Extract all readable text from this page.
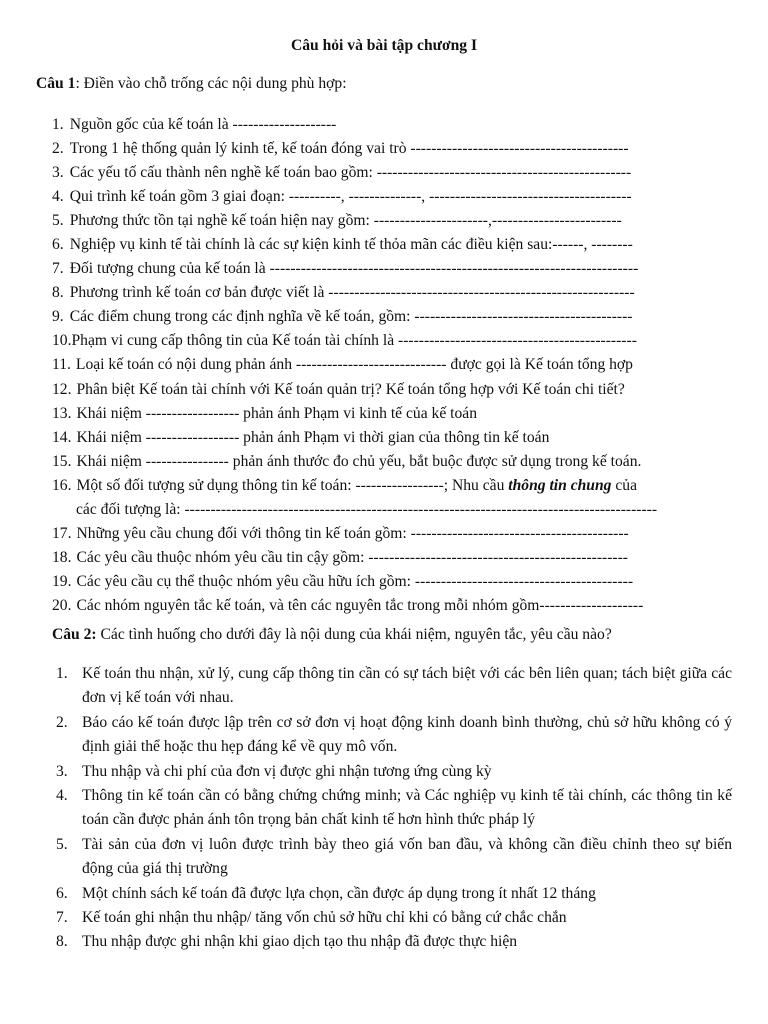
Câu hỏi và bài tập chương I
Câu 1: Điền vào chỗ trống các nội dung phù hợp:
1. Nguồn gốc của kế toán là --------------------
2. Trong 1 hệ thống quản lý kinh tế, kế toán đóng vai trò ------------------------------------------
3. Các yếu tố cấu thành nên nghề kế toán bao gồm: -------------------------------------------------
4. Qui trình kế toán gồm 3 giai đoạn: ----------, --------------, ---------------------------------------
5. Phương thức tồn tại nghề kế toán hiện nay gồm: ----------------------,-------------------------
6. Nghiệp vụ kinh tế tài chính là các sự kiện kinh tế thỏa mãn các điều kiện sau:------, --------
7. Đối tượng chung của kế toán là -----------------------------------------------------------------------
8. Phương trình kế toán cơ bản được viết là -----------------------------------------------------------
9. Các điểm chung trong các định nghĩa về kế toán, gồm: ------------------------------------------
10.Phạm vi cung cấp thông tin của Kế toán tài chính là ----------------------------------------------
11. Loại kế toán có nội dung phản ánh ----------------------------- được gọi là Kế toán tổng hợp
12. Phân biệt Kế toán tài chính với Kế toán quản trị? Kế toán tổng hợp với Kế toán chi tiết?
13. Khái niệm ------------------ phản ánh Phạm vi kinh tế của kế toán
14. Khái niệm ------------------ phản ánh Phạm vi thời gian của thông tin kế toán
15. Khái niệm ---------------- phản ánh thước đo chủ yếu, bắt buộc được sử dụng trong kế toán.
16. Một số đối tượng sử dụng thông tin kế toán: -----------------; Nhu cầu thông tin chung của
các đối tượng là: -------------------------------------------------------------------------------------------
17. Những yêu cầu chung đối với thông tin kế toán gồm: ------------------------------------------
18. Các yêu cầu thuộc nhóm yêu cầu tin cậy gồm: --------------------------------------------------
19. Các yêu cầu cụ thể thuộc nhóm yêu cầu hữu ích gồm: ------------------------------------------
20. Các nhóm nguyên tắc kế toán, và tên các nguyên tắc trong mỗi nhóm gồm--------------------
Câu 2: Các tình huống cho dưới đây là nội dung của khái niệm, nguyên tắc, yêu cầu nào?
1. Kế toán thu nhận, xử lý, cung cấp thông tin cần có sự tách biệt với các bên liên quan; tách biệt giữa các đơn vị kế toán với nhau.
2. Báo cáo kế toán được lập trên cơ sở đơn vị hoạt động kinh doanh bình thường, chủ sở hữu không có ý định giải thể hoặc thu hẹp đáng kể về quy mô vốn.
3. Thu nhập và chi phí của đơn vị được ghi nhận tương ứng cùng kỳ
4. Thông tin kế toán cần có bằng chứng chứng minh; và Các nghiệp vụ kinh tế tài chính, các thông tin kế toán cần được phản ánh tôn trọng bản chất kinh tế hơn hình thức pháp lý
5. Tài sản của đơn vị luôn được trình bày theo giá vốn ban đầu, và không cần điều chỉnh theo sự biến động của giá thị trường
6. Một chính sách kế toán đã được lựa chọn, cần được áp dụng trong ít nhất 12 tháng
7. Kế toán ghi nhận thu nhập/ tăng vốn chủ sở hữu chỉ khi có bằng cứ chắc chắn
8. Thu nhập được ghi nhận khi giao dịch tạo thu nhập đã được thực hiện
